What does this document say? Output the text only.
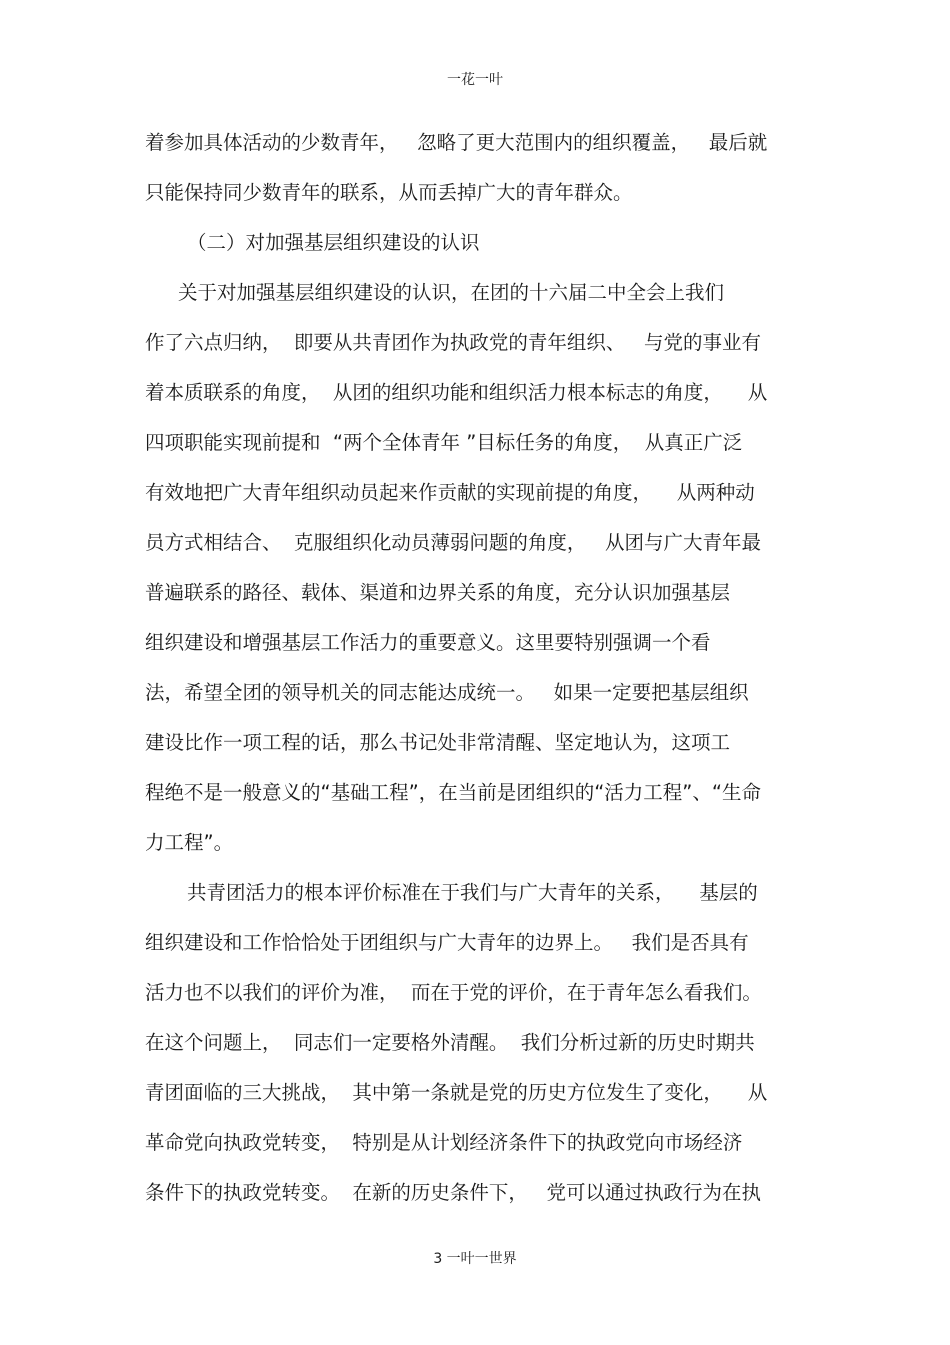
一花一叶
着参加具体活动的少数青年，   忽略了更大范围内的组织覆盖，   最后就
只能保持同少数青年的联系，从而丢掉广大的青年群众。
（二）对加强基层组织建设的认识
关于对加强基层组织建设的认识，在团的十六届二中全会上我们
作了六点归纳，  即要从共青团作为执政党的青年组织、   与党的事业有
着本质联系的角度，  从团的组织功能和组织活力根本标志的角度，    从
四项职能实现前提和  “两个全体青年 ”目标任务的角度，  从真正广泛
有效地把广大青年组织动员起来作贡献的实现前提的角度，    从两种动
员方式相结合、  克服组织化动员薄弱问题的角度，   从团与广大青年最
普遍联系的路径、载体、渠道和边界关系的角度，充分认识加强基层
组织建设和增强基层工作活力的重要意义。这里要特别强调一个看
法，希望全团的领导机关的同志能达成统一。   如果一定要把基层组织
建设比作一项工程的话，那么书记处非常清醒、坚定地认为，这项工
程绝不是一般意义的“基础工程”，在当前是团组织的“活力工程”、“生命
力工程”。
共青团活力的根本评价标准在于我们与广大青年的关系，    基层的
组织建设和工作恰恰处于团组织与广大青年的边界上。   我们是否具有
活力也不以我们的评价为准，  而在于党的评价，在于青年怎么看我们。
在这个问题上，  同志们一定要格外清醒。  我们分析过新的历史时期共
青团面临的三大挑战，  其中第一条就是党的历史方位发生了变化，    从
革命党向执政党转变，  特别是从计划经济条件下的执政党向市场经济
条件下的执政党转变。  在新的历史条件下，   党可以通过执政行为在执
3 一叶一世界
